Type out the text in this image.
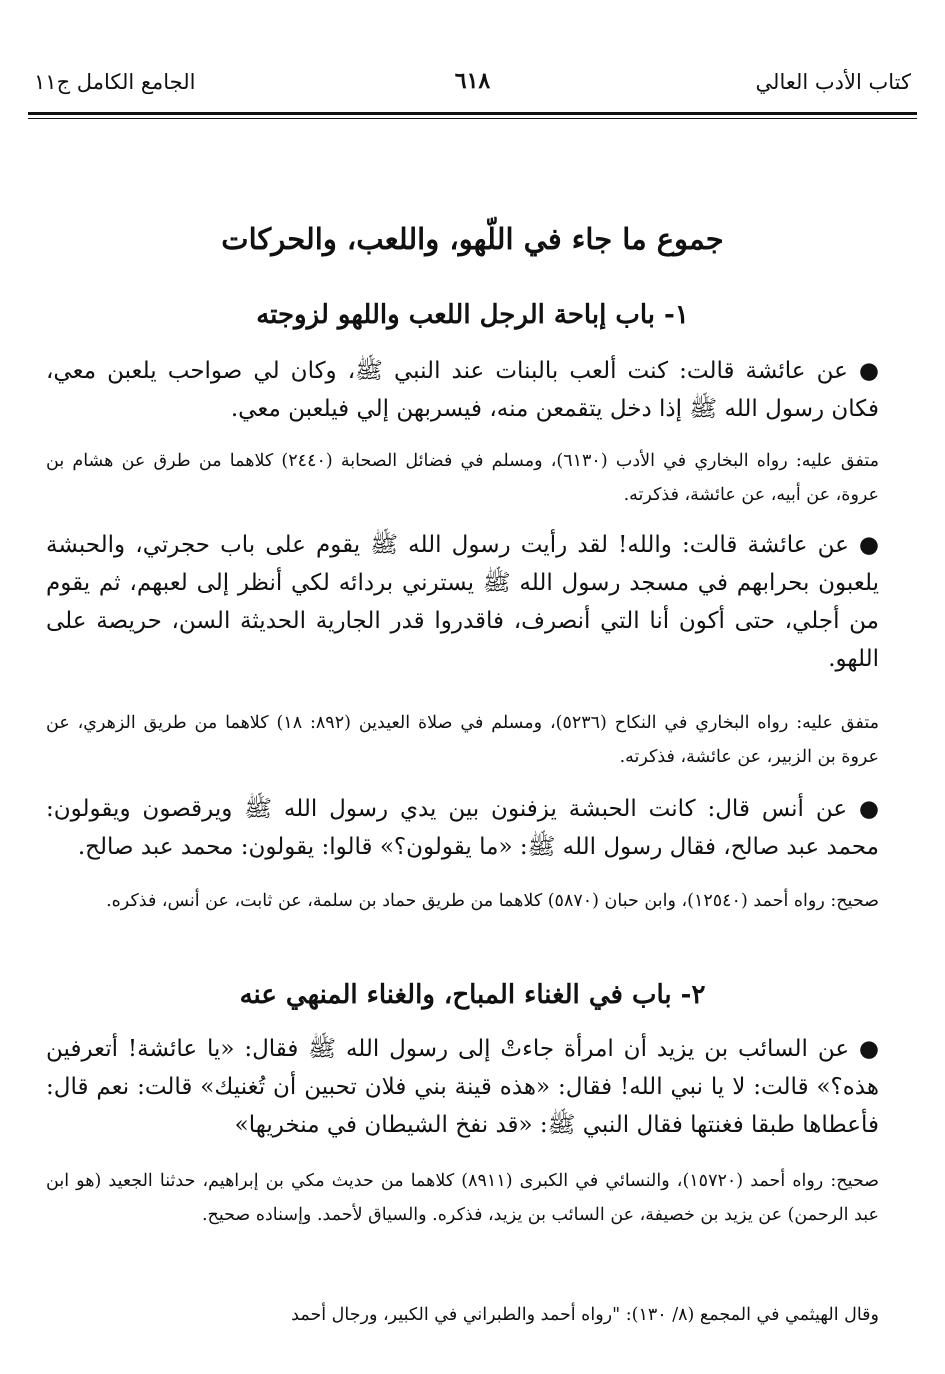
كتاب الأدب العالي
٦١٨
الجامع الكامل ج١١
جموع ما جاء في اللّهو، واللعب، والحركات
١- باب إباحة الرجل اللعب واللهو لزوجته
● عن عائشة قالت: كنت ألعب بالبنات عند النبي ﷺ، وكان لي صواحب يلعبن معي، فكان رسول الله ﷺ إذا دخل يتقمعن منه، فيسربهن إلي فيلعبن معي.
متفق عليه: رواه البخاري في الأدب (٦١٣٠)، ومسلم في فضائل الصحابة (٢٤٤٠) كلاهما من طرق عن هشام بن عروة، عن أبيه، عن عائشة، فذكرته.
● عن عائشة قالت: والله! لقد رأيت رسول الله ﷺ يقوم على باب حجرتي، والحبشة يلعبون بحرابهم في مسجد رسول الله ﷺ يسترني بردائه لكي أنظر إلى لعبهم، ثم يقوم من أجلي، حتى أكون أنا التي أنصرف، فاقدروا قدر الجارية الحديثة السن، حريصة على اللهو.
متفق عليه: رواه البخاري في النكاح (٥٢٣٦)، ومسلم في صلاة العيدين (٨٩٢: ١٨) كلاهما من طريق الزهري، عن عروة بن الزبير، عن عائشة، فذكرته.
● عن أنس قال: كانت الحبشة يزفنون بين يدي رسول الله ﷺ ويرقصون ويقولون: محمد عبد صالح، فقال رسول الله ﷺ: «ما يقولون؟» قالوا: يقولون: محمد عبد صالح.
صحيح: رواه أحمد (١٢٥٤٠)، وابن حبان (٥٨٧٠) كلاهما من طريق حماد بن سلمة، عن ثابت، عن أنس، فذكره.
٢- باب في الغناء المباح، والغناء المنهي عنه
● عن السائب بن يزيد أن امرأة جاءتْ إلى رسول الله ﷺ فقال: «يا عائشة! أتعرفين هذه؟» قالت: لا يا نبي الله! فقال: «هذه قينة بني فلان تحبين أن تُغنيك» قالت: نعم قال: فأعطاها طبقا فغنتها فقال النبي ﷺ: «قد نفخ الشيطان في منخريها»
صحيح: رواه أحمد (١٥٧٢٠)، والنسائي في الكبرى (٨٩١١) كلاهما من حديث مكي بن إبراهيم، حدثنا الجعيد (هو ابن عبد الرحمن) عن يزيد بن خصيفة، عن السائب بن يزيد، فذكره. والسياق لأحمد. وإسناده صحيح.
وقال الهيثمي في المجمع (٨/ ١٣٠): "رواه أحمد والطبراني في الكبير، ورجال أحمد
